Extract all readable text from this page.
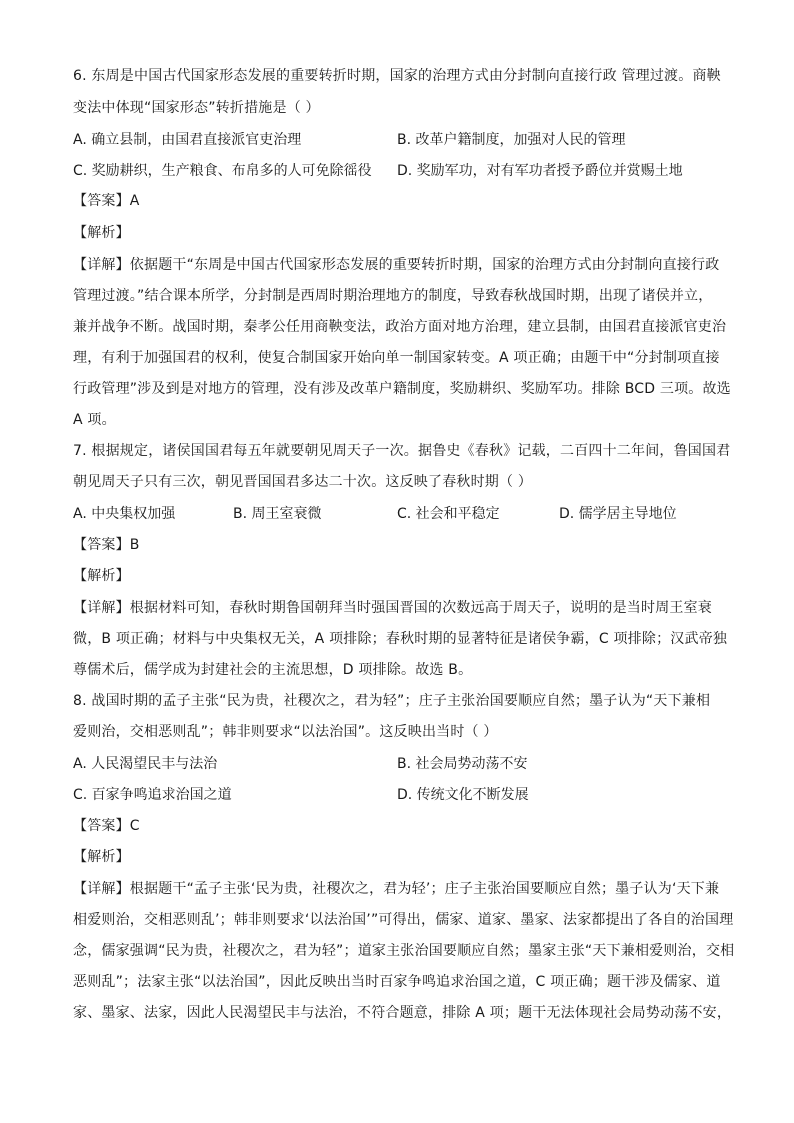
6. 东周是中国古代国家形态发展的重要转折时期，国家的治理方式由分封制向直接行政 管理过渡。商鞅
变法中体现“国家形态”转折措施是（ ）
A. 确立县制，由国君直接派官吏治理	B. 改革户籍制度，加强对人民的管理
C. 奖励耕织，生产粮食、布帛多的人可免除徭役 D. 奖励军功，对有军功者授予爵位并赏赐土地
【答案】A
【解析】
【详解】依据题干“东周是中国古代国家形态发展的重要转折时期，国家的治理方式由分封制向直接行政
管理过渡。”结合课本所学，分封制是西周时期治理地方的制度，导致春秋战国时期，出现了诸侯并立，
兼并战争不断。战国时期，秦孝公任用商鞅变法，政治方面对地方治理，建立县制，由国君直接派官吏治
理，有利于加强国君的权利，使复合制国家开始向单一制国家转变。A 项正确；由题干中“分封制项直接
行政管理”涉及到是对地方的管理，没有涉及改革户籍制度，奖励耕织、奖励军功。排除 BCD 三项。故选
A 项。
7. 根据规定，诸侯国国君每五年就要朝见周天子一次。据鲁史《春秋》记载，二百四十二年间，鲁国国君
朝见周天子只有三次，朝见晋国国君多达二十次。这反映了春秋时期（ ）
A. 中央集权加强	B. 周王室衰微	C. 社会和平稳定	D. 儒学居主导地位
【答案】B
【解析】
【详解】根据材料可知，春秋时期鲁国朝拜当时强国晋国的次数远高于周天子，说明的是当时周王室衰
微，B 项正确；材料与中央集权无关，A 项排除；春秋时期的显著特征是诸侯争霸，C 项排除；汉武帝独
尊儒术后，儒学成为封建社会的主流思想，D 项排除。故选 B。
8. 战国时期的孟子主张“民为贵，社稷次之，君为轻”；庄子主张治国要顺应自然；墨子认为“天下兼相
爱则治，交相恶则乱”；韩非则要求“以法治国”。这反映出当时（ ）
A. 人民渴望民丰与法治	B. 社会局势动荡不安
C. 百家争鸣追求治国之道	D. 传统文化不断发展
【答案】C
【解析】
【详解】根据题干“孟子主张‘民为贵，社稷次之，君为轻’；庄子主张治国要顺应自然；墨子认为‘天下兼
相爱则治，交相恶则乱’；韩非则要求‘以法治国’”可得出，儒家、道家、墨家、法家都提出了各自的治国理
念，儒家强调“民为贵，社稷次之，君为轻”；道家主张治国要顺应自然；墨家主张“天下兼相爱则治，交相
恶则乱”；法家主张“以法治国”，因此反映出当时百家争鸣追求治国之道，C 项正确；题干涉及儒家、道
家、墨家、法家，因此人民渴望民丰与法治，不符合题意，排除 A 项；题干无法体现社会局势动荡不安，
